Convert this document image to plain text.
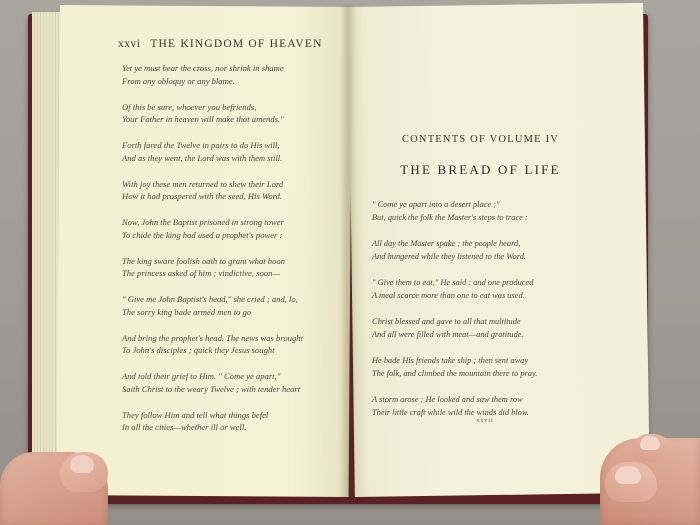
xxvi THE KINGDOM OF HEAVEN
Yet ye must bear the cross, nor shrink in shame
From any obloquy or any blame.
Of this be sure, whoever you befriends,
Your Father in heaven will make that amends."
Forth fared the Twelve in pairs to do His will,
And as they went, the Lord was with them still.
With joy these men returned to shew their Lord
How it had prospered with the seed, His Word.
Now, John the Baptist prisoned in strong tower
To chide the king had used a prophet's power :
The king sware foolish oath to grant what boon
The princess asked of him ; vindictive, soon—
" Give me John Baptist's head," she cried ; and, lo,
The sorry king bade arméd men to go
And bring the prophet's head. The news was brought
To John's disciples ; quick they Jesus sought
And told their grief to Him. " Come ye apart,"
Saith Christ to the weary Twelve ; with tender heart
They follow Him and tell what things befel
In all the cities—whether ill or well.
CONTENTS OF VOLUME IV
THE BREAD OF LIFE
" Come ye apart into a desert place ;"
But, quick the folk the Master's steps to trace :
All day the Master spake ; the people heard,
And hungered while they listened to the Word.
" Give them to eat," He said : and one produced
A meal scarce more than one to eat was used.
Christ blessed and gave to all that multitude
And all were filled with meat—and gratitude.
He bade His friends take ship ; then sent away
The folk, and climbed the mountain there to pray.
A storm arose ; He looked and saw them row
Their little craft while wild the winds did blow.
xxvii
